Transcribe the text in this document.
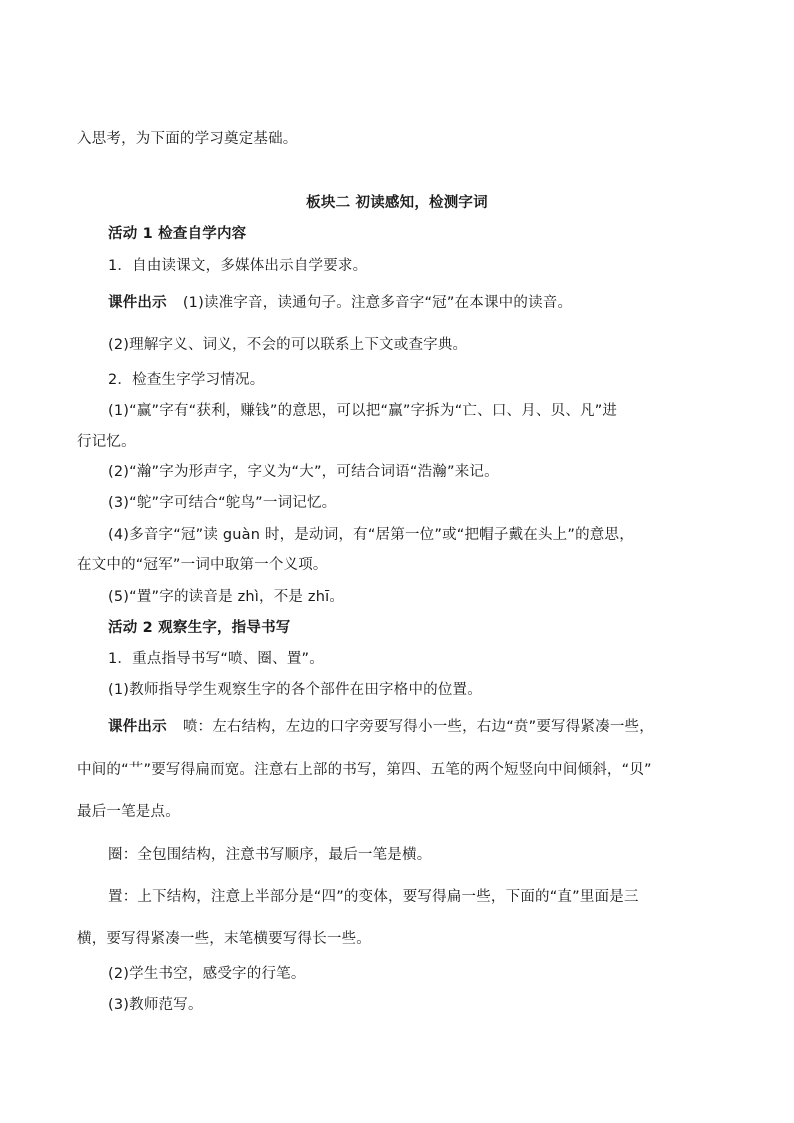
入思考，为下面的学习奠定基础。
板块二 初读感知，检测字词
活动 1 检查自学内容
1．自由读课文，多媒体出示自学要求。
课件出示 (1)读准字音，读通句子。注意多音字“冠”在本课中的读音。
(2)理解字义、词义，不会的可以联系上下文或查字典。
2．检查生字学习情况。
(1)“赢”字有“获利，赚钱”的意思，可以把“赢”字拆为“亡、口、月、贝、凡”进
行记忆。
(2)“瀚”字为形声字，字义为“大”，可结合词语“浩瀚”来记。
(3)“鸵”字可结合“鸵鸟”一词记忆。
(4)多音字“冠”读 guàn 时，是动词，有“居第一位”或“把帽子戴在头上”的意思，
在文中的“冠军”一词中取第一个义项。
(5)“置”字的读音是 zhì，不是 zhī。
活动 2 观察生字，指导书写
1．重点指导书写“喷、圈、置”。
(1)教师指导学生观察生字的各个部件在田字格中的位置。
课件出示 喷：左右结构，左边的口字旁要写得小一些，右边“贲”要写得紧凑一些，
中间的“艹”要写得扁而宽。注意右上部的书写，第四、五笔的两个短竖向中间倾斜，“贝”
最后一笔是点。
圈：全包围结构，注意书写顺序，最后一笔是横。
置：上下结构，注意上半部分是“四”的变体，要写得扁一些，下面的“直”里面是三
横，要写得紧凑一些，末笔横要写得长一些。
(2)学生书空，感受字的行笔。
(3)教师范写。
